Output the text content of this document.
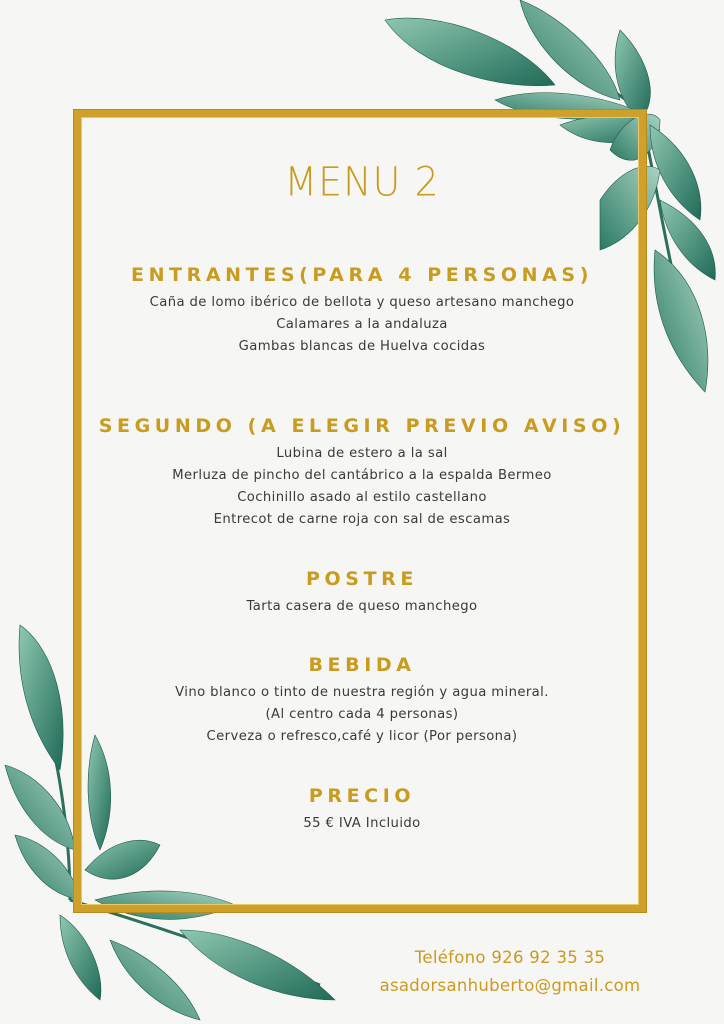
MENU 2
ENTRANTES(PARA 4 PERSONAS)
Caña de lomo ibérico de bellota y queso artesano manchego
Calamares a la andaluza
Gambas blancas de Huelva cocidas
SEGUNDO (A ELEGIR PREVIO AVISO)
Lubina de estero a la sal
Merluza de pincho del cantábrico a la espalda Bermeo
Cochinillo asado al estilo castellano
Entrecot de carne roja con sal de escamas
POSTRE
Tarta casera de queso manchego
BEBIDA
Vino blanco o tinto de nuestra región y agua mineral.
(Al centro cada 4 personas)
Cerveza o refresco,café y licor (Por persona)
PRECIO
55 € IVA Incluido
Teléfono 926 92 35 35
asadorsanhuberto@gmail.com
